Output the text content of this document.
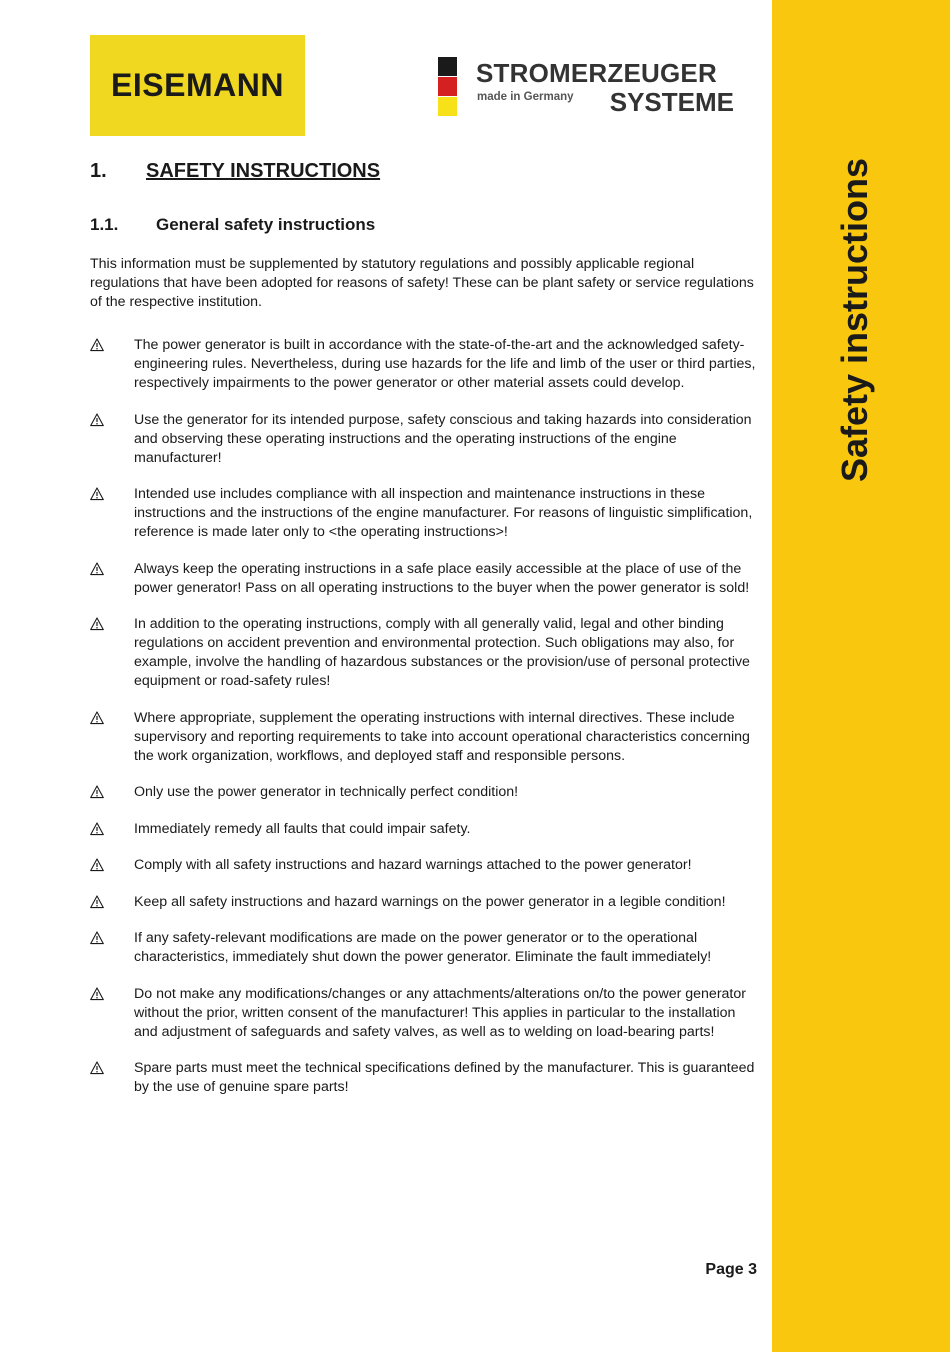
Safety instructions
EISEMANN	STROMERZEUGER
made in Germany SYSTEME
1. SAFETY INSTRUCTIONS
1.1. General safety instructions

This information must be supplemented by statutory regulations and possibly applicable regional regulations that have been adopted for reasons of safety! These can be plant safety or service regulations of the respective institution.

The power generator is built in accordance with the state-of-the-art and the acknowledged safety-engineering rules. Nevertheless, during use hazards for the life and limb of the user or third parties, respectively impairments to the power generator or other material assets could develop.
Use the generator for its intended purpose, safety conscious and taking hazards into consideration and observing these operating instructions and the operating instructions of the engine manufacturer!
Intended use includes compliance with all inspection and maintenance instructions in these instructions and the instructions of the engine manufacturer. For reasons of linguistic simplification, reference is made later only to <the operating instructions>!
Always keep the operating instructions in a safe place easily accessible at the place of use of the power generator! Pass on all operating instructions to the buyer when the power generator is sold!
In addition to the operating instructions, comply with all generally valid, legal and other binding regulations on accident prevention and environmental protection. Such obligations may also, for example, involve the handling of hazardous substances or the provision/use of personal protective equipment or road-safety rules!
Where appropriate, supplement the operating instructions with internal directives. These include supervisory and reporting requirements to take into account operational characteristics concerning the work organization, workflows, and deployed staff and responsible persons.
Only use the power generator in technically perfect condition!
Immediately remedy all faults that could impair safety.
Comply with all safety instructions and hazard warnings attached to the power generator!
Keep all safety instructions and hazard warnings on the power generator in a legible condition!
If any safety-relevant modifications are made on the power generator or to the operational characteristics, immediately shut down the power generator. Eliminate the fault immediately!
Do not make any modifications/changes or any attachments/alterations on/to the power generator without the prior, written consent of the manufacturer! This applies in particular to the installation and adjustment of safeguards and safety valves, as well as to welding on load-bearing parts!
Spare parts must meet the technical specifications defined by the manufacturer. This is guaranteed by the use of genuine spare parts!
Page 3
